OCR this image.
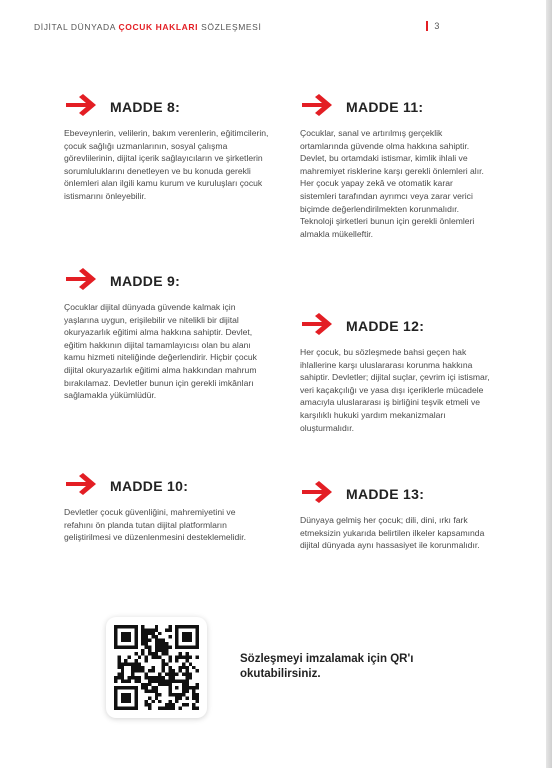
DİJİTAL DÜNYADA ÇOCUK HAKLARI SÖZLEŞMESİ	3
MADDE 8:
Ebeveynlerin, velilerin, bakım verenlerin, eğitimcilerin, çocuk sağlığı uzmanlarının, sosyal çalışma görevlilerinin, dijital içerik sağlayıcıların ve şirketlerin sorumluluklarını denetleyen ve bu konuda gerekli önlemleri alan ilgili kamu kurum ve kuruluşları çocuk istismarını önleyebilir.
MADDE 9:
Çocuklar dijital dünyada güvende kalmak için yaşlarına uygun, erişilebilir ve nitelikli bir dijital okuryazarlık eğitimi alma hakkına sahiptir. Devlet, eğitim hakkının dijital tamamlayıcısı olan bu alanı kamu hizmeti niteliğinde değerlendirir. Hiçbir çocuk dijital okuryazarlık eğitimi alma hakkından mahrum bırakılamaz. Devletler bunun için gerekli imkânları sağlamakla yükümlüdür.
MADDE 10:
Devletler çocuk güvenliğini, mahremiyetini ve refahını ön planda tutan dijital platformların geliştirilmesi ve düzenlenmesini desteklemelidir.
MADDE 11:
Çocuklar, sanal ve artırılmış gerçeklik ortamlarında güvende olma hakkına sahiptir. Devlet, bu ortamdaki istismar, kimlik ihlali ve mahremiyet risklerine karşı gerekli önlemleri alır. Her çocuk yapay zekâ ve otomatik karar sistemleri tarafından ayrımcı veya zarar verici biçimde değerlendirilmekten korunmalıdır. Teknoloji şirketleri bunun için gerekli önlemleri almakla mükelleftir.
MADDE 12:
Her çocuk, bu sözleşmede bahsi geçen hak ihlallerine karşı uluslararası korunma hakkına sahiptir. Devletler; dijital suçlar, çevrim içi istismar, veri kaçakçılığı ve yasa dışı içeriklerle mücadele amacıyla uluslararası iş birliğini teşvik etmeli ve karşılıklı hukuki yardım mekanizmaları oluşturmalıdır.
MADDE 13:
Dünyaya gelmiş her çocuk; dili, dini, ırkı fark etmeksizin yukarıda belirtilen ilkeler kapsamında dijital dünyada aynı hassasiyet ile korunmalıdır.
Sözleşmeyi imzalamak için QR'ı okutabilirsiniz.
